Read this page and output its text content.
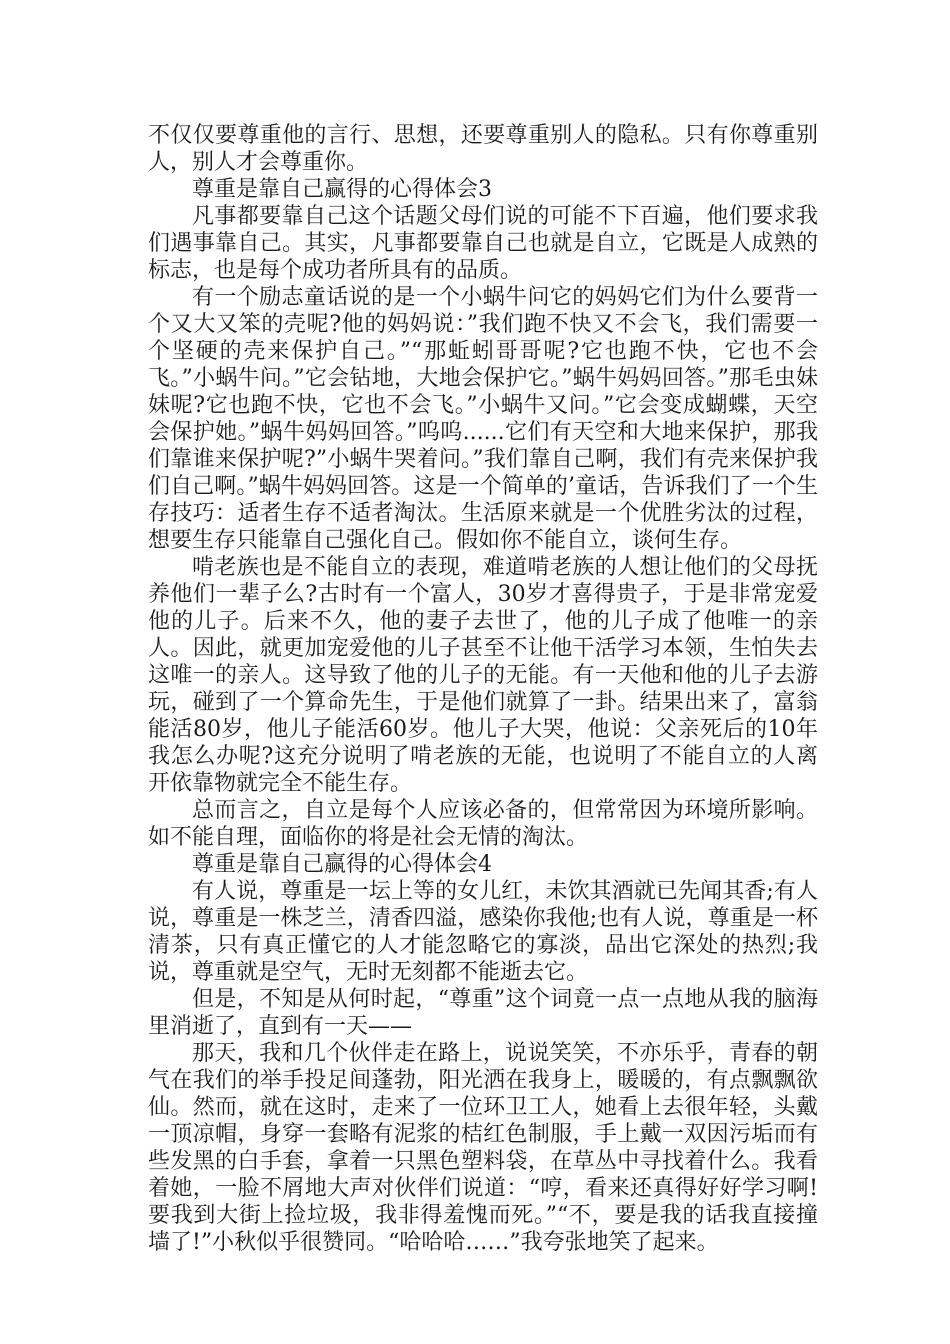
不仅仅要尊重他的言行、思想，还要尊重别人的隐私。只有你尊重别人，别人才会尊重你。

尊重是靠自己赢得的心得体会3

凡事都要靠自己这个话题父母们说的可能不下百遍，他们要求我们遇事靠自己。其实，凡事都要靠自己也就是自立，它既是人成熟的标志，也是每个成功者所具有的品质。

有一个励志童话说的是一个小蜗牛问它的妈妈它们为什么要背一个又大又笨的壳呢?他的妈妈说：”我们跑不快又不会飞，我们需要一个坚硬的壳来保护自己。”“那蚯蚓哥哥呢?它也跑不快，它也不会飞。”小蜗牛问。”它会钻地，大地会保护它。”蜗牛妈妈回答。”那毛虫妹妹呢?它也跑不快，它也不会飞。”小蜗牛又问。”它会变成蝴蝶，天空会保护她。”蜗牛妈妈回答。”呜呜......它们有天空和大地来保护，那我们靠谁来保护呢?”小蜗牛哭着问。”我们靠自己啊，我们有壳来保护我们自己啊。”蜗牛妈妈回答。这是一个简单的’童话，告诉我们了一个生存技巧：适者生存不适者淘汰。生活原来就是一个优胜劣汰的过程，想要生存只能靠自己强化自己。假如你不能自立，谈何生存。

啃老族也是不能自立的表现，难道啃老族的人想让他们的父母抚养他们一辈子么?古时有一个富人，30岁才喜得贵子，于是非常宠爱他的儿子。后来不久，他的妻子去世了，他的儿子成了他唯一的亲人。因此，就更加宠爱他的儿子甚至不让他干活学习本领，生怕失去这唯一的亲人。这导致了他的儿子的无能。有一天他和他的儿子去游玩，碰到了一个算命先生，于是他们就算了一卦。结果出来了，富翁能活80岁，他儿子能活60岁。他儿子大哭，他说：父亲死后的10年我怎么办呢?这充分说明了啃老族的无能，也说明了不能自立的人离开依靠物就完全不能生存。

总而言之，自立是每个人应该必备的，但常常因为环境所影响。如不能自理，面临你的将是社会无情的淘汰。

尊重是靠自己赢得的心得体会4

有人说，尊重是一坛上等的女儿红，未饮其酒就已先闻其香;有人说，尊重是一株芝兰，清香四溢，感染你我他;也有人说，尊重是一杯清茶，只有真正懂它的人才能忽略它的寡淡，品出它深处的热烈;我说，尊重就是空气，无时无刻都不能逝去它。

但是，不知是从何时起，“尊重”这个词竟一点一点地从我的脑海里消逝了，直到有一天——

那天，我和几个伙伴走在路上，说说笑笑，不亦乐乎，青春的朝气在我们的举手投足间蓬勃，阳光洒在我身上，暖暖的，有点飘飘欲仙。然而，就在这时，走来了一位环卫工人，她看上去很年轻，头戴一顶凉帽，身穿一套略有泥浆的桔红色制服，手上戴一双因污垢而有些发黑的白手套，拿着一只黑色塑料袋，在草丛中寻找着什么。我看着她，一脸不屑地大声对伙伴们说道：“哼，看来还真得好好学习啊!要我到大街上捡垃圾，我非得羞愧而死。”“不，要是我的话我直接撞墙了!”小秋似乎很赞同。“哈哈哈……”我夸张地笑了起来。
